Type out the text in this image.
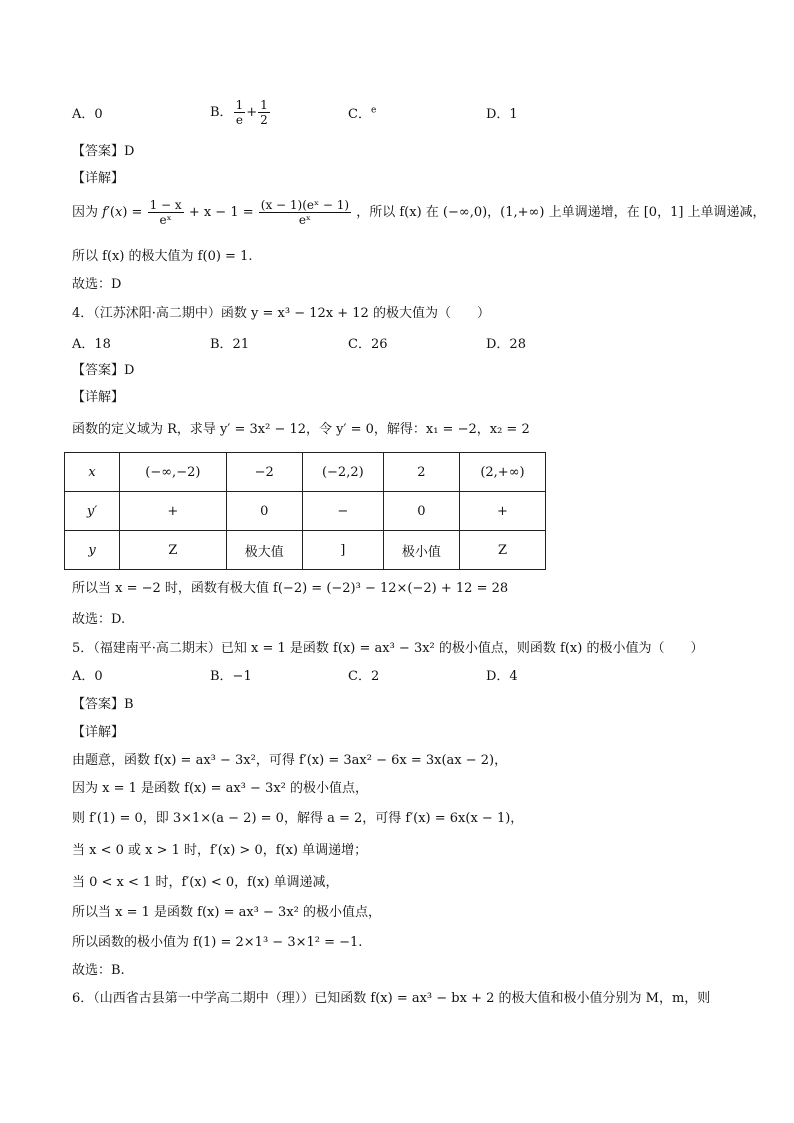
A．0	B． $\frac{1}{e} + \frac{1}{2}$	C．$^e$	D．1
【答案】D
【详解】
因为 $f'(x) = \frac{1 - x}{\text{eˣ}} + x - 1 = \frac{\text{(x − 1)(eˣ − 1)}}{\text{eˣ}}$ ，所以 f(x) 在 (−∞,0)，(1,+∞) 上单调递增，在 [0，1] 上单调递减，
所以 f(x) 的极大值为 f(0) = 1.
故选：D
4．（江苏沭阳·高二期中）函数 y = x³ − 12x + 12 的极大值为（　　）
A．18	B．21	C．26	D．28
【答案】D
【详解】
函数的定义域为 R，求导 y′ = 3x² − 12，令 y′ = 0，解得：x₁ = −2，x₂ = 2
x	(−∞,−2)	−2	(−2,2)	2	(2,+∞)
y′	+	0	−	0	+
y	Z	极大值	]	极小值	Z
所以当 x = −2 时，函数有极大值 f(−2) = (−2)³ − 12×(−2) + 12 = 28
故选：D.
5．（福建南平·高二期末）已知 x = 1 是函数 f(x) = ax³ − 3x² 的极小值点，则函数 f(x) 的极小值为（　　）
A．0	B．−1	C．2	D．4
【答案】B
【详解】
由题意，函数 f(x) = ax³ − 3x²，可得 f′(x) = 3ax² − 6x = 3x(ax − 2)，
因为 x = 1 是函数 f(x) = ax³ − 3x² 的极小值点，
则 f′(1) = 0，即 3×1×(a − 2) = 0，解得 a = 2，可得 f′(x) = 6x(x − 1)，
当 x < 0 或 x > 1 时，f′(x) > 0，f(x) 单调递增；
当 0 < x < 1 时，f′(x) < 0，f(x) 单调递减，
所以当 x = 1 是函数 f(x) = ax³ − 3x² 的极小值点，
所以函数的极小值为 f(1) = 2×1³ − 3×1² = −1.
故选：B.
6．（山西省古县第一中学高二期中（理））已知函数 f(x) = ax³ − bx + 2 的极大值和极小值分别为 M，m，则
